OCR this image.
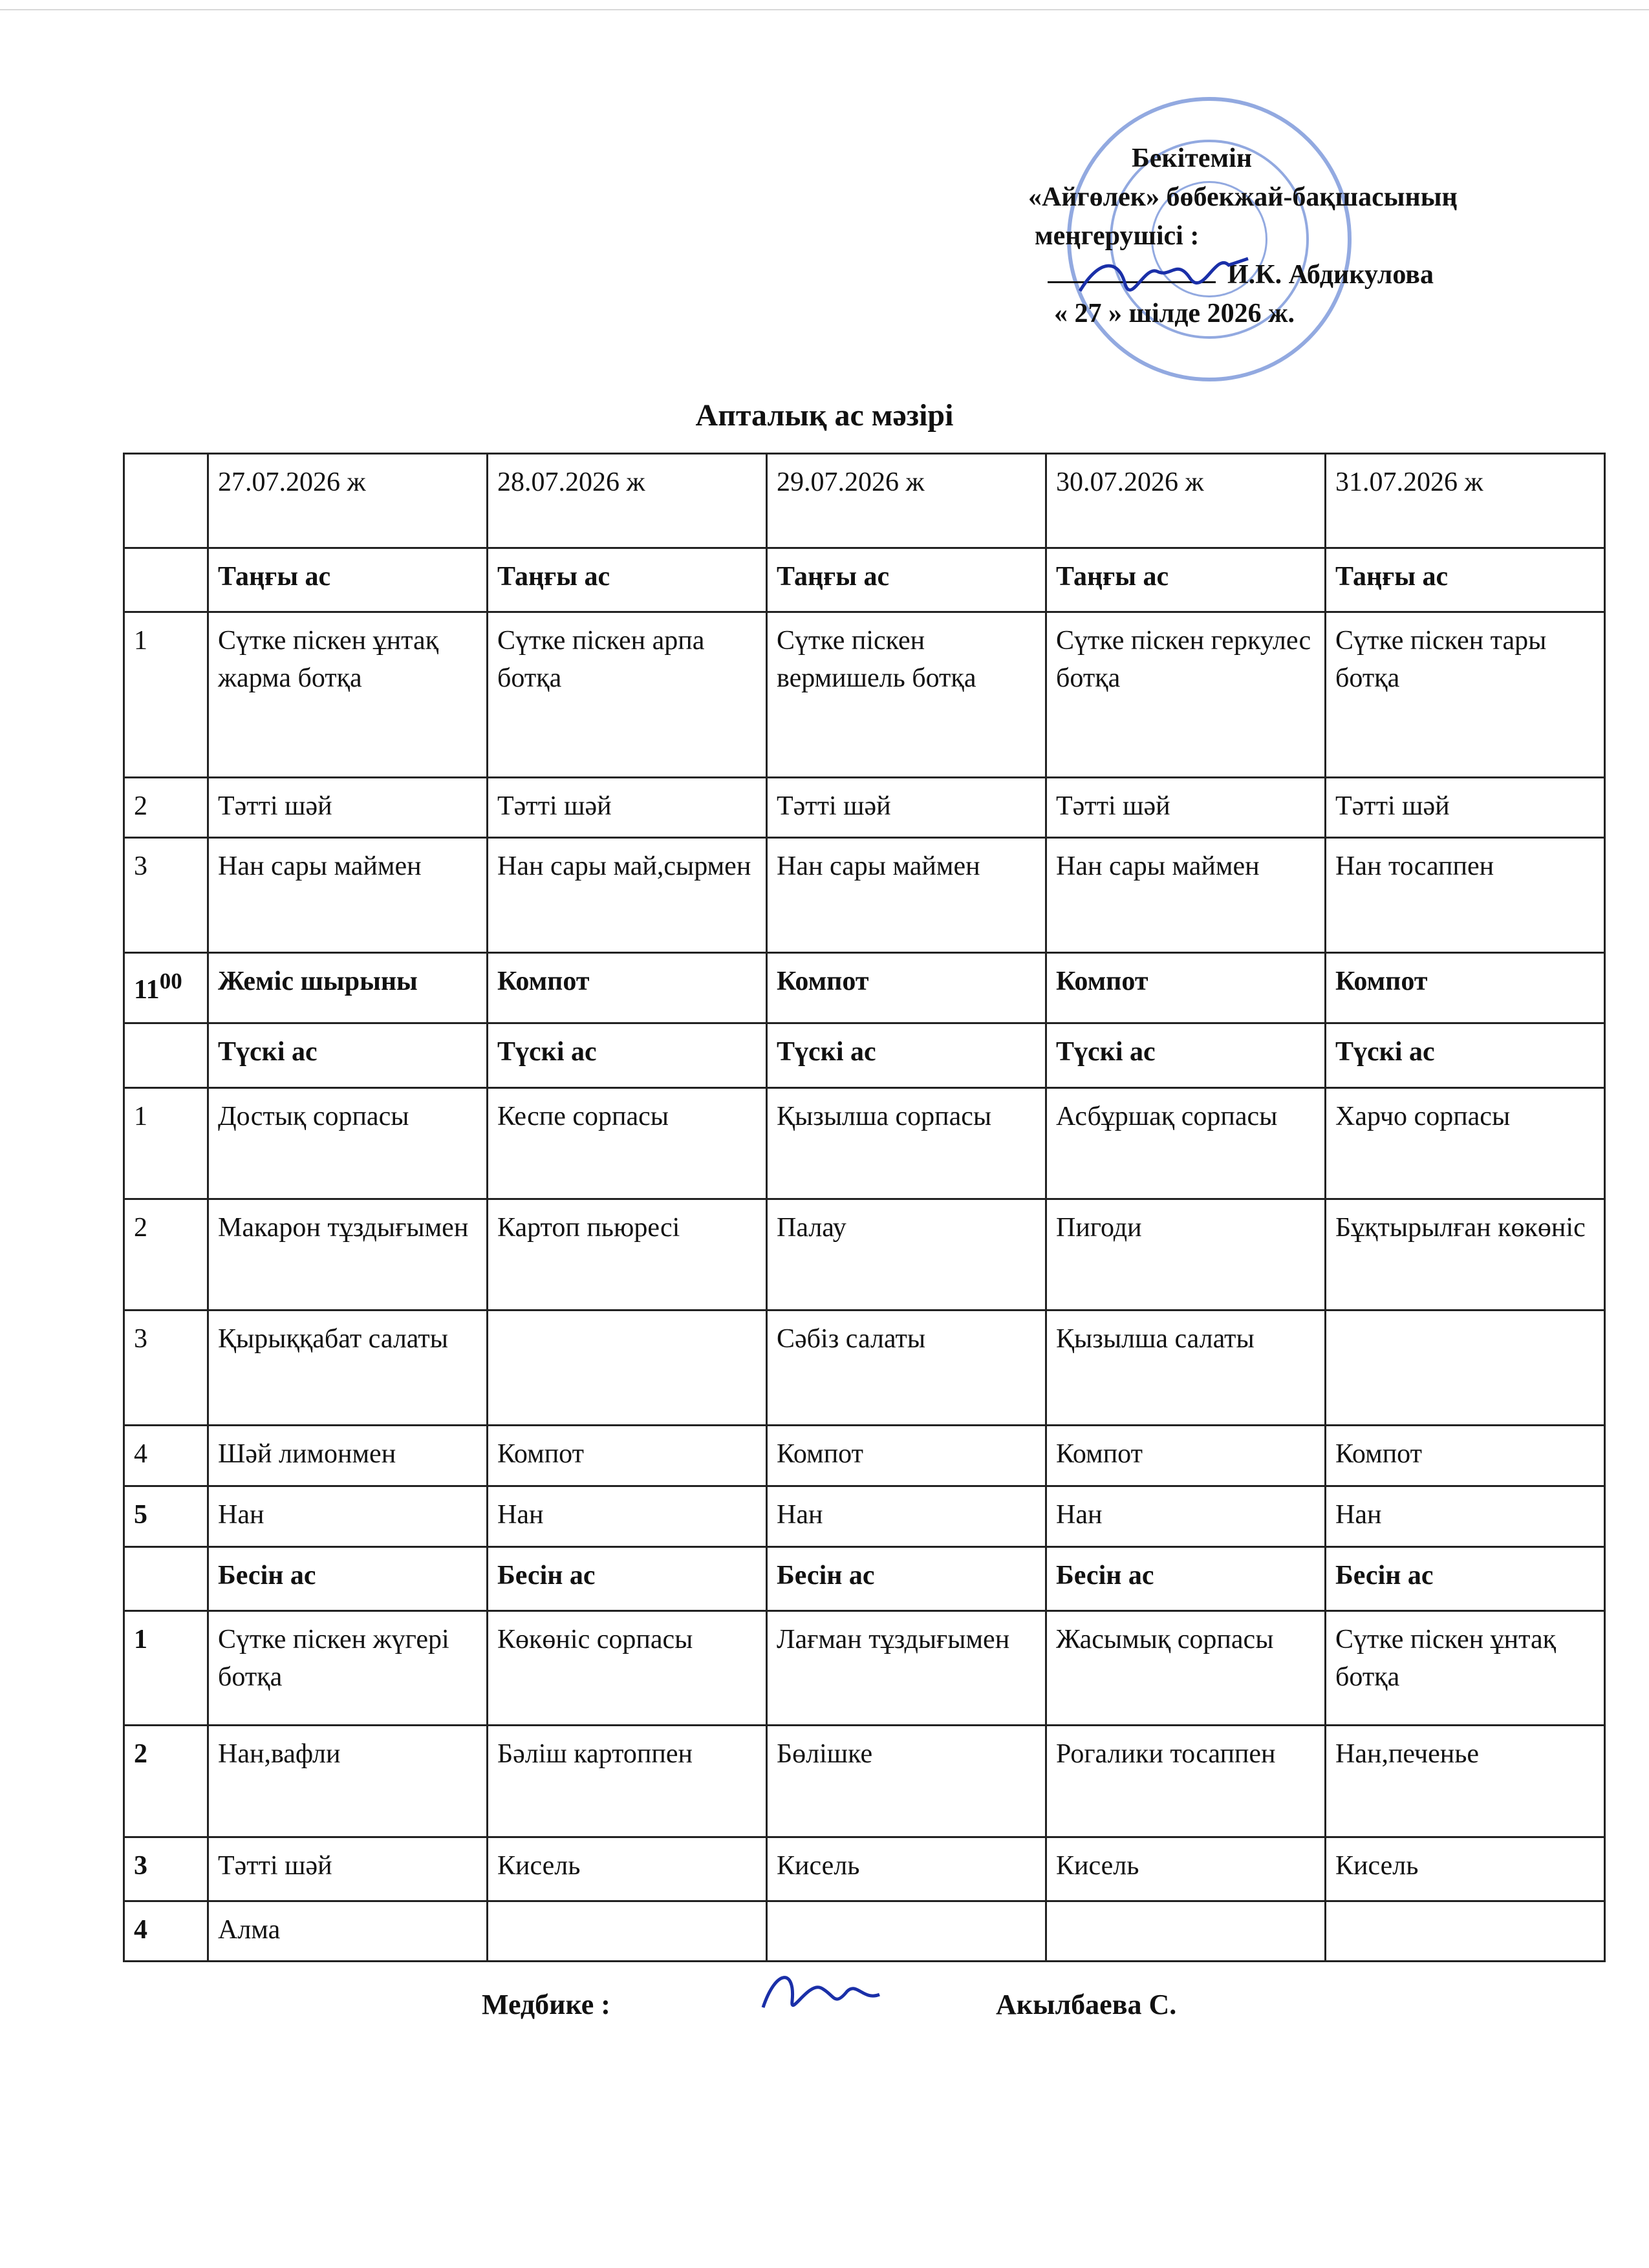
Бекітемін
«Айгөлек» бөбекжай-бақшасының
меңгерушісі :
И.К. Абдикулова
« 27 » шілде 2026 ж.
Апталық ас мәзірі
	27.07.2026 ж	28.07.2026 ж	29.07.2026 ж	30.07.2026 ж	31.07.2026 ж
	Таңғы ас	Таңғы ас	Таңғы ас	Таңғы ас	Таңғы ас
1	Сүтке піскен ұнтақ жарма ботқа	Сүтке піскен арпа ботқа	Сүтке піскен вермишель ботқа	Сүтке піскен геркулес ботқа	Сүтке піскен тары ботқа
2	Тәтті шәй	Тәтті шәй	Тәтті шәй	Тәтті шәй	Тәтті шәй
3	Нан сары маймен	Нан сары май,сырмен	Нан сары маймен	Нан сары маймен	Нан тосаппен
$11^{00}$	Жеміс шырыны	Компот	Компот	Компот	Компот
	Түскі ас	Түскі ас	Түскі ас	Түскі ас	Түскі ас
1	Достық сорпасы	Кеспе сорпасы	Қызылша сорпасы	Асбұршақ сорпасы	Харчо сорпасы
2	Макарон тұздығымен	Картоп пьюресі	Палау	Пигоди	Бұқтырылған көкөніс
3	Қырыққабат салаты		Сәбіз салаты	Қызылша салаты	
4	Шәй лимонмен	Компот	Компот	Компот	Компот
5	Нан	Нан	Нан	Нан	Нан
	Бесін ас	Бесін ас	Бесін ас	Бесін ас	Бесін ас
1	Сүтке піскен жүгері ботқа	Көкөніс сорпасы	Лағман тұздығымен	Жасымық сорпасы	Сүтке піскен ұнтақ ботқа
2	Нан,вафли	Бәліш картоппен	Бөлішке	Рогалики тосаппен	Нан,печенье
3	Тәтті шәй	Кисель	Кисель	Кисель	Кисель
4	Алма				
Медбике :	Акылбаева С.
